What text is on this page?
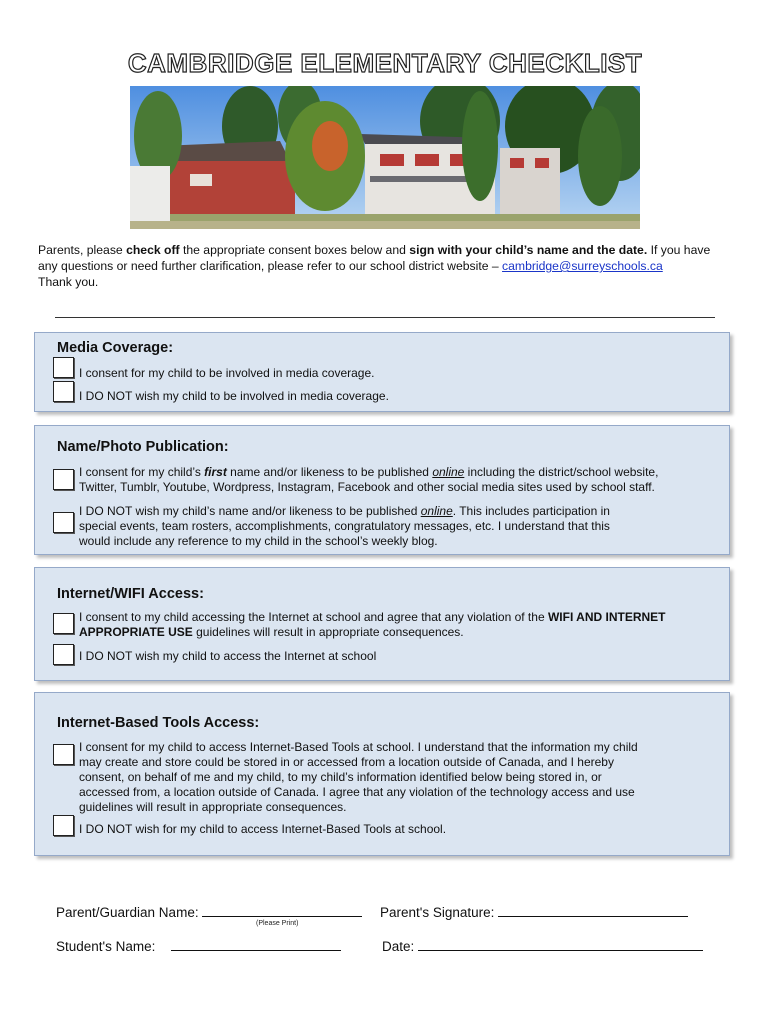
CAMBRIDGE ELEMENTARY CHECKLIST
Parents, please check off the appropriate consent boxes below and sign with your child’s name and the date. If you have any questions or need further clarification, please refer to our school district website – cambridge@surreyschools.ca
Thank you.
Media Coverage:
I consent for my child to be involved in media coverage.
I DO NOT wish my child to be involved in media coverage.
Name/Photo Publication:
I consent for my child’s first name and/or likeness to be published online including the district/school website, Twitter, Tumblr, Youtube, Wordpress, Instagram, Facebook and other social media sites used by school staff.
I DO NOT wish my child’s name and/or likeness to be published online. This includes participation in special events, team rosters, accomplishments, congratulatory messages, etc. I understand that this would include any reference to my child in the school’s weekly blog.
Internet/WIFI Access:
I consent to my child accessing the Internet at school and agree that any violation of the WIFI AND INTERNET APPROPRIATE USE guidelines will result in appropriate consequences.
I DO NOT wish my child to access the Internet at school
Internet-Based Tools Access:
I consent for my child to access Internet-Based Tools at school. I understand that the information my child may create and store could be stored in or accessed from a location outside of Canada, and I hereby consent, on behalf of me and my child, to my child’s information identified below being stored in, or accessed from, a location outside of Canada. I agree that any violation of the technology access and use guidelines will result in appropriate consequences.
I DO NOT wish for my child to access Internet-Based Tools at school.
Parent/Guardian Name:
(Please Print)
Parent's Signature:
Student's Name:	Date:
